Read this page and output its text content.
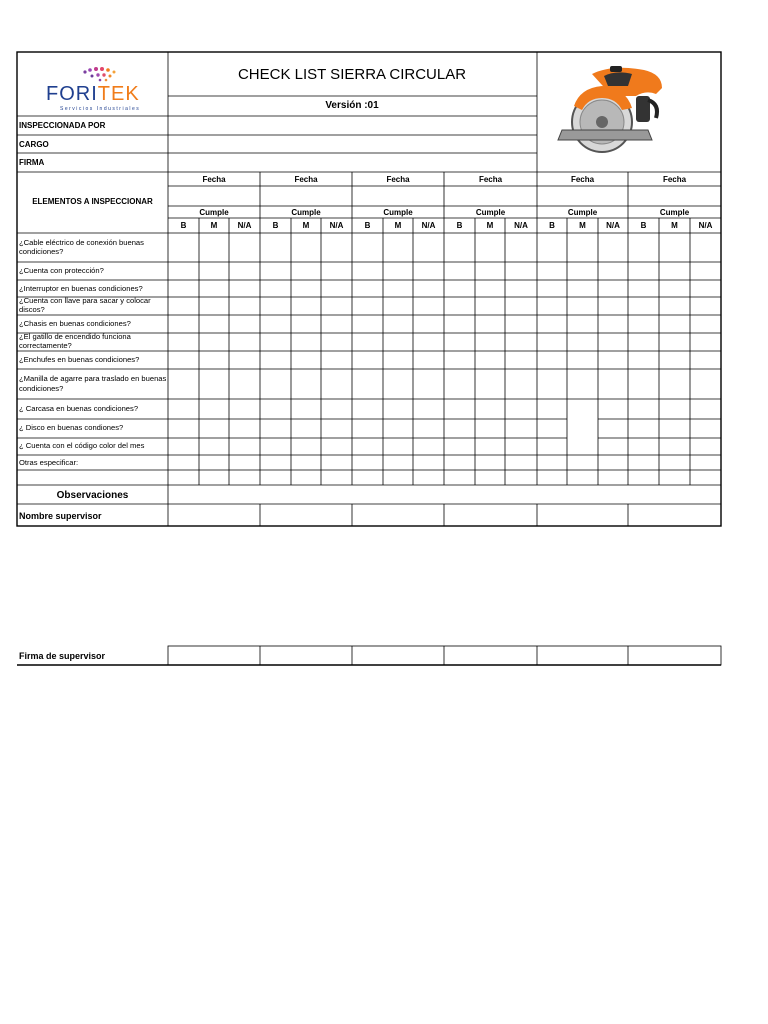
FORITEK
Servicios Industriales
CHECK LIST SIERRA CIRCULAR
Versión :01
INSPECCIONADA POR
CARGO
FIRMA
ELEMENTOS A INSPECCIONAR
Fecha	Fecha	Fecha	Fecha	Fecha	Fecha
Cumple	Cumple	Cumple	Cumple	Cumple	Cumple
B	M	N/A	B	M	N/A	B	M	N/A	B	M	N/A	B	M	N/A	B	M	N/A
¿Cable eléctrico de conexión buenas condiciones?
¿Cuenta con protección?
¿Interruptor en buenas condiciones?
¿Cuenta con llave para sacar y colocar discos?
¿Chasis en buenas condiciones?
¿El gatillo de encendido funciona correctamente?
¿Enchufes en buenas condiciones?
¿Manilla de agarre para traslado en buenas condiciones?
¿ Carcasa en buenas condiciones?
¿ Disco en buenas condiones?
¿ Cuenta con el código color del mes
Otras especificar:
Observaciones
Nombre supervisor
Firma de supervisor
